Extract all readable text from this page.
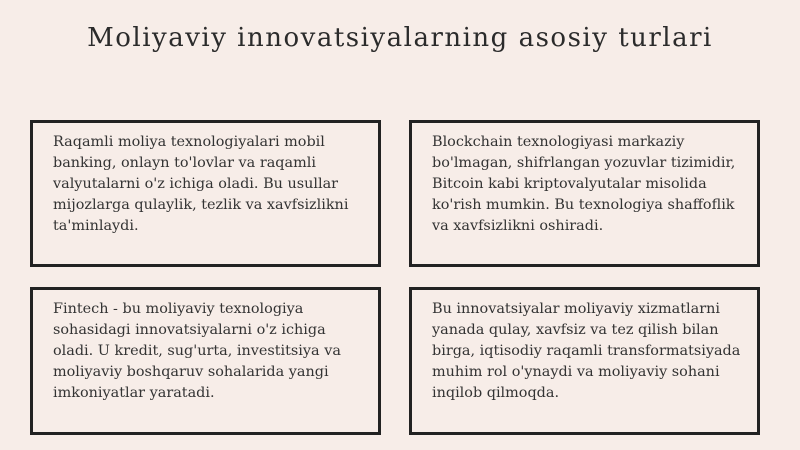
Moliyaviy innovatsiyalarning asosiy turlari

Raqamli moliya texnologiyalari mobil banking, onlayn to'lovlar va raqamli valyutalarni o'z ichiga oladi. Bu usullar mijozlarga qulaylik, tezlik va xavfsizlikni ta'minlaydi.

Blockchain texnologiyasi markaziy bo'lmagan, shifrlangan yozuvlar tizimidir, Bitcoin kabi kriptovalyutalar misolida ko'rish mumkin. Bu texnologiya shaffoflik va xavfsizlikni oshiradi.

Fintech - bu moliyaviy texnologiya sohasidagi innovatsiyalarni o'z ichiga oladi. U kredit, sug'urta, investitsiya va moliyaviy boshqaruv sohalarida yangi imkoniyatlar yaratadi.

Bu innovatsiyalar moliyaviy xizmatlarni yanada qulay, xavfsiz va tez qilish bilan birga, iqtisodiy raqamli transformatsiyada muhim rol o'ynaydi va moliyaviy sohani inqilob qilmoqda.
